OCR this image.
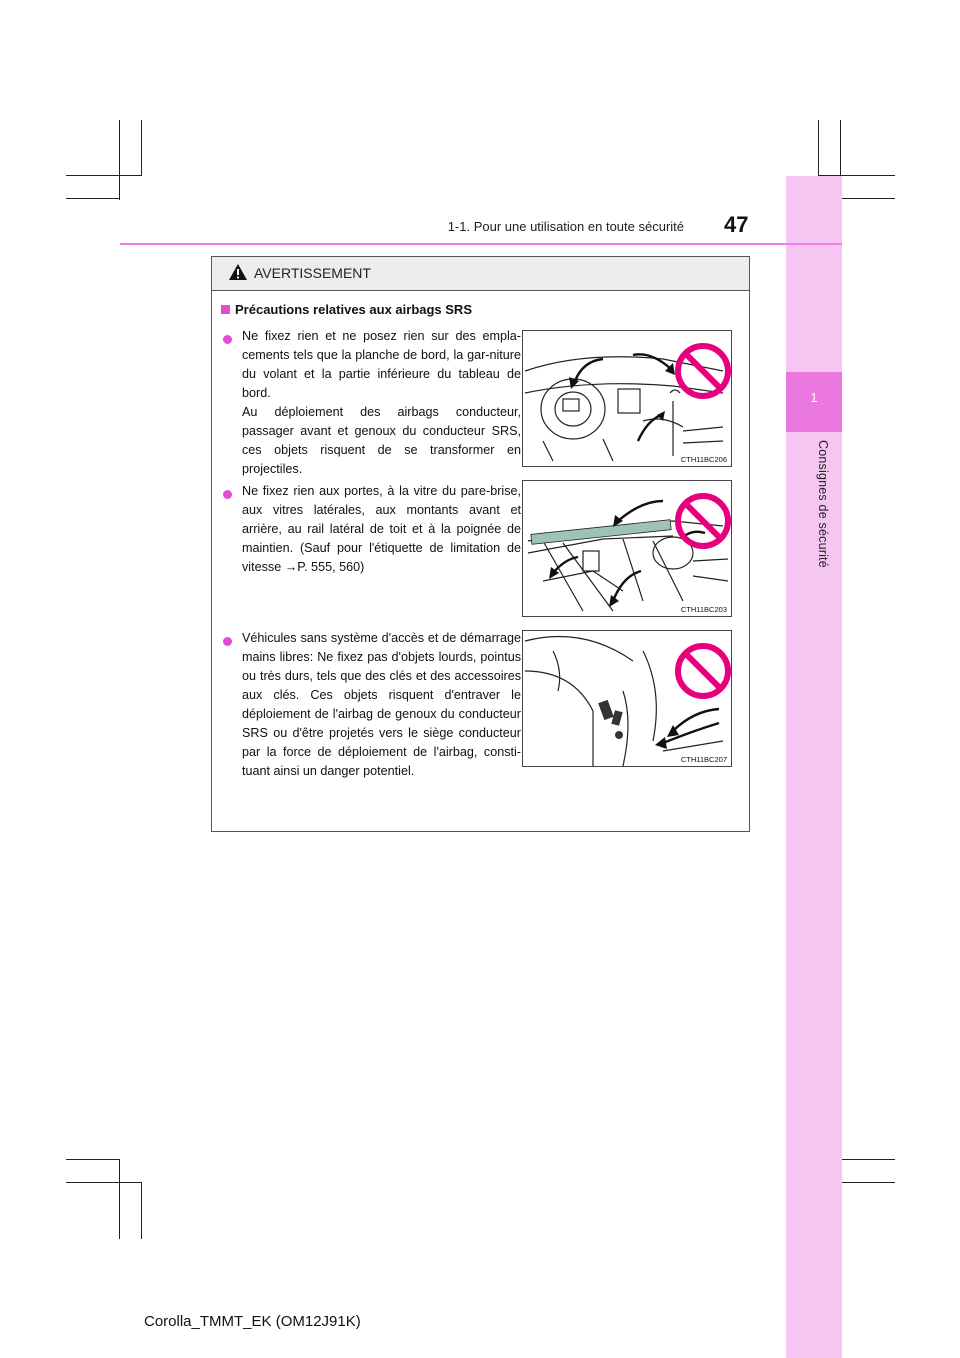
1
Consignes de sécurité
1-1. Pour une utilisation en toute sécurité 47
AVERTISSEMENT
Précautions relatives aux airbags SRS
Ne fixez rien et ne posez rien sur des empla-cements tels que la planche de bord, la gar-niture du volant et la partie inférieure du tableau de bord.
Au déploiement des airbags conducteur, passager avant et genoux du conducteur SRS, ces objets risquent de se transformer en projectiles.
CTH11BC206
Ne fixez rien aux portes, à la vitre du pare-brise, aux vitres latérales, aux montants avant et arrière, au rail latéral de toit et à la poignée de maintien. (Sauf pour l'étiquette de limitation de vitesse →P. 555, 560)
CTH11BC203
Véhicules sans système d'accès et de démarrage mains libres: Ne fixez pas d'objets lourds, pointus ou très durs, tels que des clés et des accessoires aux clés. Ces objets risquent d'entraver le déploiement de l'airbag de genoux du conducteur SRS ou d'être projetés vers le siège conducteur par la force de déploiement de l'airbag, consti-tuant ainsi un danger potentiel.
CTH11BC207
Corolla_TMMT_EK (OM12J91K)
